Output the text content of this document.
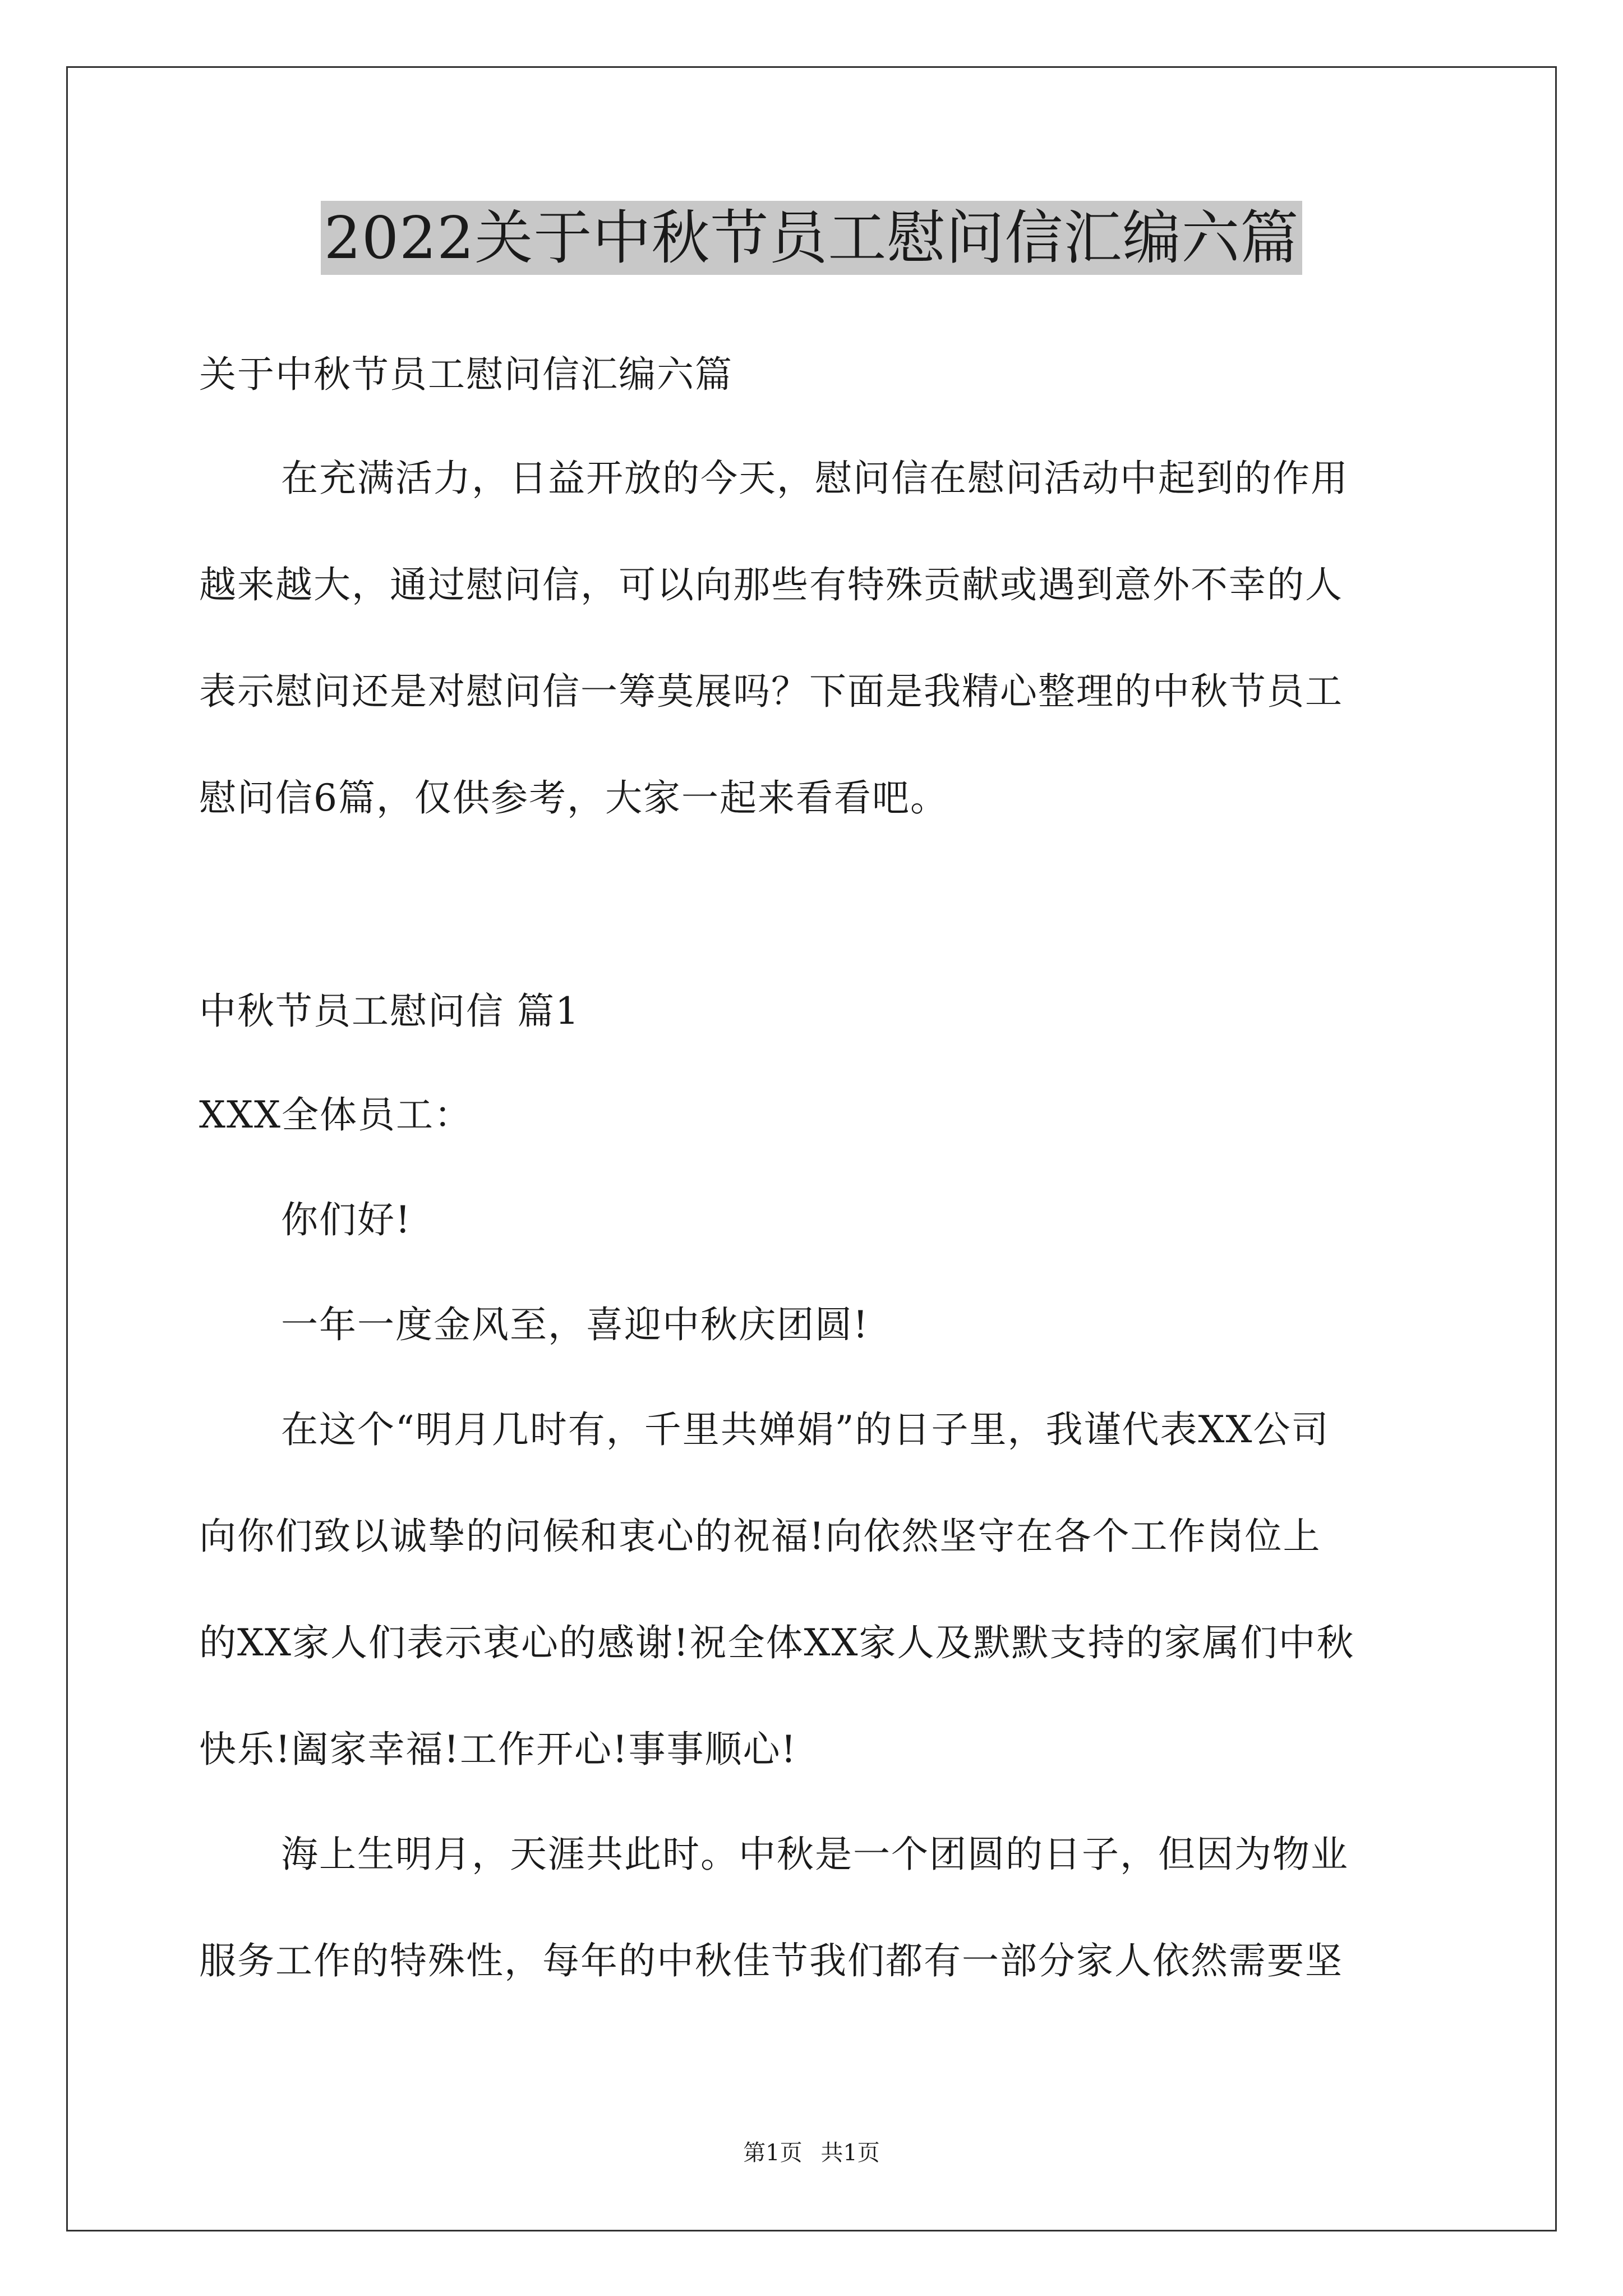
2022关于中秋节员工慰问信汇编六篇
关于中秋节员工慰问信汇编六篇
在充满活力，日益开放的今天，慰问信在慰问活动中起到的作用
越来越大，通过慰问信，可以向那些有特殊贡献或遇到意外不幸的人
表示慰问还是对慰问信一筹莫展吗？下面是我精心整理的中秋节员工
慰问信6篇，仅供参考，大家一起来看看吧。
中秋节员工慰问信 篇1
XXX全体员工：
你们好!
一年一度金风至，喜迎中秋庆团圆!
在这个“明月几时有，千里共婵娟”的日子里，我谨代表XX公司
向你们致以诚挚的问候和衷心的祝福!向依然坚守在各个工作岗位上
的XX家人们表示衷心的感谢!祝全体XX家人及默默支持的家属们中秋
快乐!阖家幸福!工作开心!事事顺心!
海上生明月，天涯共此时。中秋是一个团圆的日子，但因为物业
服务工作的特殊性，每年的中秋佳节我们都有一部分家人依然需要坚
第1页 共1页
